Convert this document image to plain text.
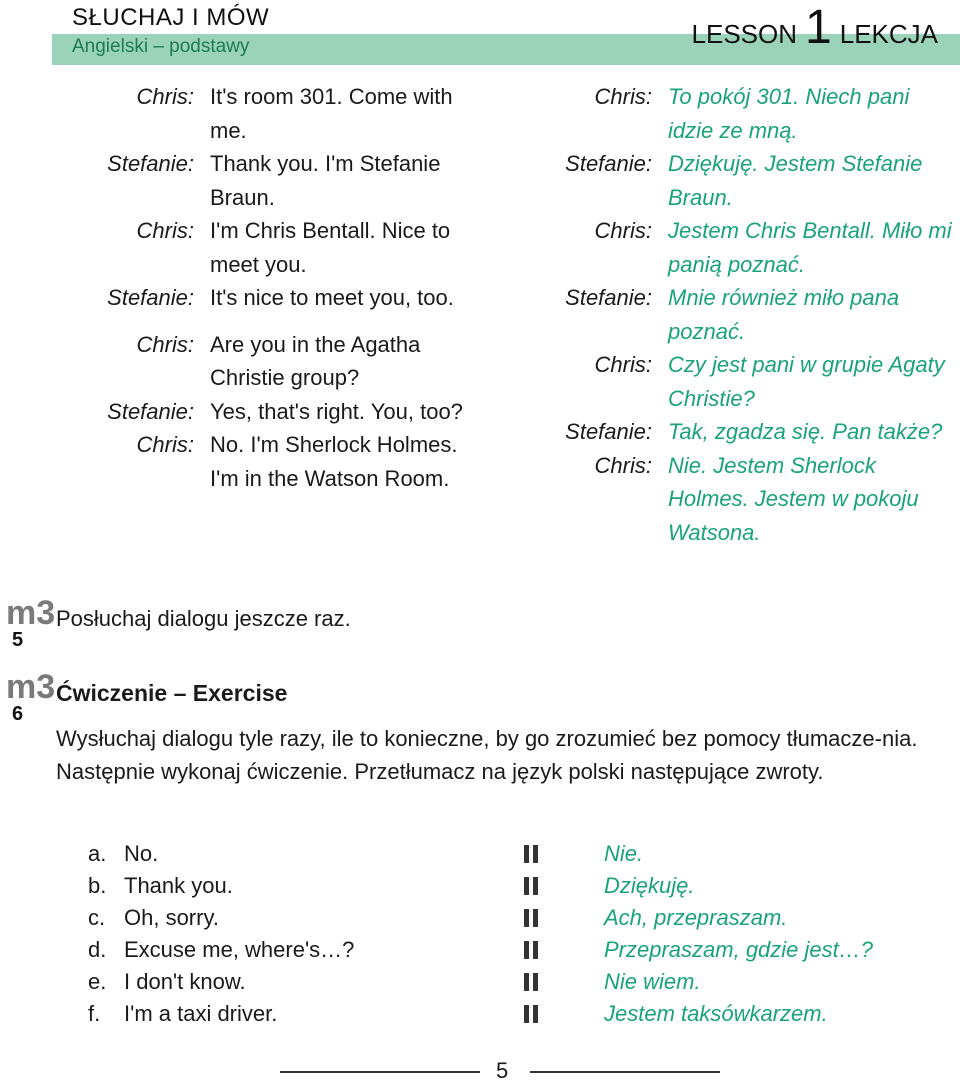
SŁUCHAJ I MÓW
Angielski – podstawy	LESSON 1 LEKCJA
Chris: It's room 301. Come with
me.
Stefanie: Thank you. I'm Stefanie
Braun.
Chris: I'm Chris Bentall. Nice to
meet you.
Stefanie: It's nice to meet you, too.
Chris: Are you in the Agatha
Christie group?
Stefanie: Yes, that's right. You, too?
Chris: No. I'm Sherlock Holmes.
I'm in the Watson Room.
Chris: To pokój 301. Niech pani
idzie ze mną.
Stefanie: Dziękuję. Jestem Stefanie
Braun.
Chris: Jestem Chris Bentall. Miło mi
panią poznać.
Stefanie: Mnie również miło pana
poznać.
Chris: Czy jest pani w grupie Agaty
Christie?
Stefanie: Tak, zgadza się. Pan także?
Chris: Nie. Jestem Sherlock
Holmes. Jestem w pokoju
Watsona.
m3
5
Posłuchaj dialogu jeszcze raz.
m3
6
Ćwiczenie – Exercise
Wysłuchaj dialogu tyle razy, ile to konieczne, by go zrozumieć bez pomocy tłumacze-nia. Następnie wykonaj ćwiczenie. Przetłumacz na język polski następujące zwroty.
a. No.	Nie.
b. Thank you.	Dziękuję.
c. Oh, sorry.	Ach, przepraszam.
d. Excuse me, where's…?	Przepraszam, gdzie jest…?
e. I don't know.	Nie wiem.
f.	I'm a taxi driver.	Jestem taksówkarzem.
5
